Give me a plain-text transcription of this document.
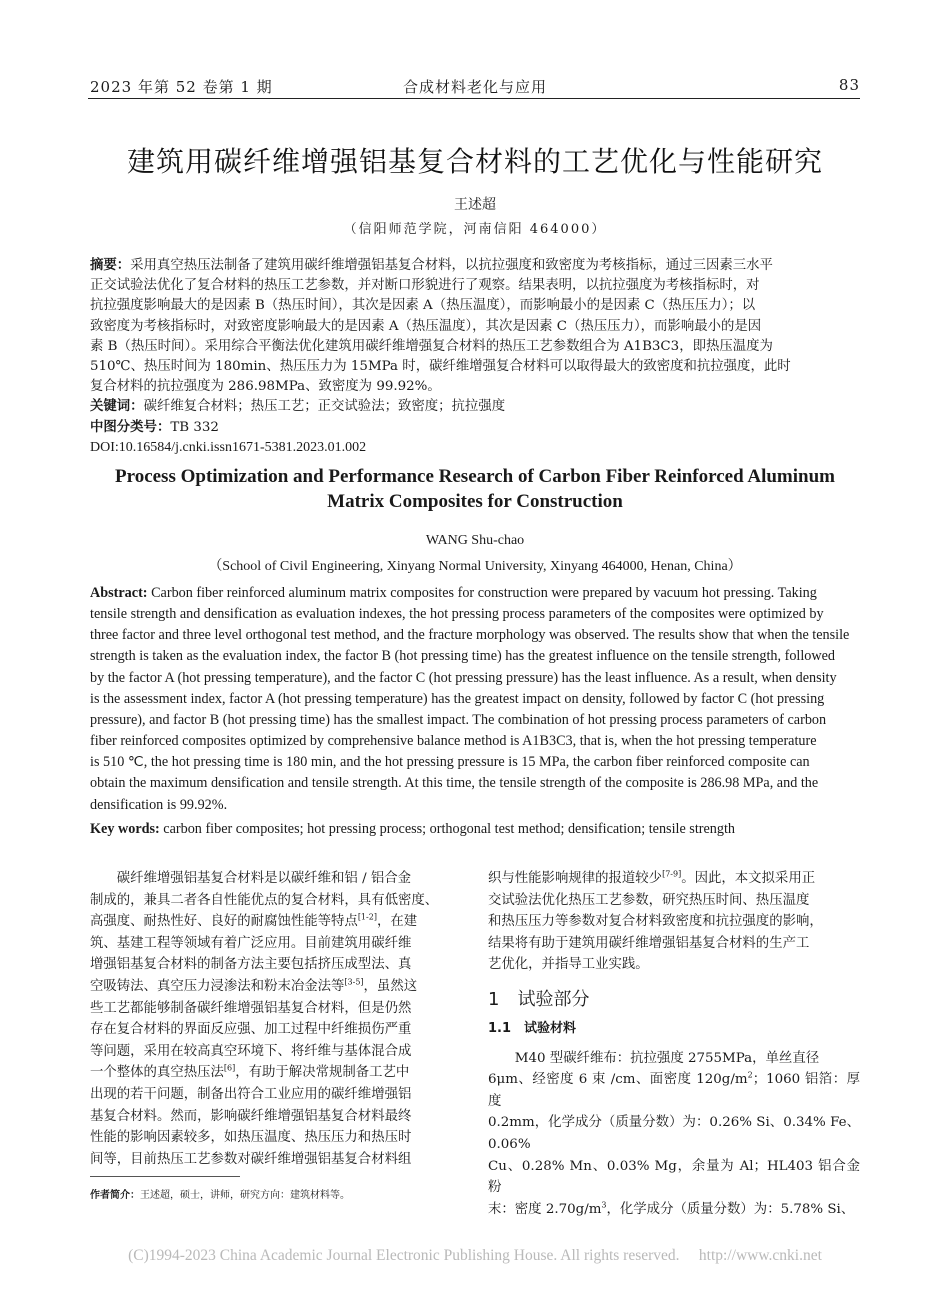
2023 年第 52 卷第 1 期	合成材料老化与应用	83
建筑用碳纤维增强铝基复合材料的工艺优化与性能研究
王述超
（信阳师范学院，河南信阳 464000）
摘要：采用真空热压法制备了建筑用碳纤维增强铝基复合材料，以抗拉强度和致密度为考核指标，通过三因素三水平
正交试验法优化了复合材料的热压工艺参数，并对断口形貌进行了观察。结果表明，以抗拉强度为考核指标时，对
抗拉强度影响最大的是因素 B（热压时间），其次是因素 A（热压温度），而影响最小的是因素 C（热压压力）；以
致密度为考核指标时，对致密度影响最大的是因素 A（热压温度），其次是因素 C（热压压力），而影响最小的是因
素 B（热压时间）。采用综合平衡法优化建筑用碳纤维增强复合材料的热压工艺参数组合为 A1B3C3，即热压温度为
510℃、热压时间为 180min、热压压力为 15MPa 时，碳纤维增强复合材料可以取得最大的致密度和抗拉强度，此时
复合材料的抗拉强度为 286.98MPa、致密度为 99.92%。
关键词：碳纤维复合材料；热压工艺；正交试验法；致密度；抗拉强度
中图分类号：TB 332
DOI:10.16584/j.cnki.issn1671-5381.2023.01.002
Process Optimization and Performance Research of Carbon Fiber Reinforced Aluminum
Matrix Composites for Construction
WANG Shu-chao
（School of Civil Engineering, Xinyang Normal University, Xinyang 464000, Henan, China）
Abstract: Carbon fiber reinforced aluminum matrix composites for construction were prepared by vacuum hot pressing. Taking
tensile strength and densification as evaluation indexes, the hot pressing process parameters of the composites were optimized by
three factor and three level orthogonal test method, and the fracture morphology was observed. The results show that when the tensile
strength is taken as the evaluation index, the factor B (hot pressing time) has the greatest influence on the tensile strength, followed
by the factor A (hot pressing temperature), and the factor C (hot pressing pressure) has the least influence. As a result, when density
is the assessment index, factor A (hot pressing temperature) has the greatest impact on density, followed by factor C (hot pressing
pressure), and factor B (hot pressing time) has the smallest impact. The combination of hot pressing process parameters of carbon
fiber reinforced composites optimized by comprehensive balance method is A1B3C3, that is, when the hot pressing temperature
is 510 ℃, the hot pressing time is 180 min, and the hot pressing pressure is 15 MPa, the carbon fiber reinforced composite can
obtain the maximum densification and tensile strength. At this time, the tensile strength of the composite is 286.98 MPa, and the
densification is 99.92%.
Key words: carbon fiber composites; hot pressing process; orthogonal test method; densification; tensile strength

碳纤维增强铝基复合材料是以碳纤维和铝 / 铝合金

制成的，兼具二者各自性能优点的复合材料，具有低密度、

高强度、耐热性好、良好的耐腐蚀性能等特点[1-2]，在建

筑、基建工程等领域有着广泛应用。目前建筑用碳纤维

增强铝基复合材料的制备方法主要包括挤压成型法、真

空吸铸法、真空压力浸渗法和粉末冶金法等[3-5]，虽然这

些工艺都能够制备碳纤维增强铝基复合材料，但是仍然

存在复合材料的界面反应强、加工过程中纤维损伤严重

等问题，采用在较高真空环境下、将纤维与基体混合成

一个整体的真空热压法[6]，有助于解决常规制备工艺中

出现的若干问题，制备出符合工业应用的碳纤维增强铝

基复合材料。然而，影响碳纤维增强铝基复合材料最终

性能的影响因素较多，如热压温度、热压压力和热压时

间等，目前热压工艺参数对碳纤维增强铝基复合材料组

织与性能影响规律的报道较少[7-9]。因此，本文拟采用正

交试验法优化热压工艺参数，研究热压时间、热压温度

和热压压力等参数对复合材料致密度和抗拉强度的影响，

结果将有助于建筑用碳纤维增强铝基复合材料的生产工

艺优化，并指导工业实践。

1　试验部分

1.1　试验材料

M40 型碳纤维布：抗拉强度 2755MPa，单丝直径

6μm、经密度 6 束 /cm、面密度 $120g/m^2$；1060 铝箔：厚度

0.2mm，化学成分（质量分数）为：0.26% Si、0.34% Fe、0.06%

Cu、0.28% Mn、0.03% Mg，余量为 Al；HL403 铝合金粉

末：密度 $2.70g/m^3$，化学成分（质量分数）为：5.78% Si、

作者简介：王述超，硕士，讲师，研究方向：建筑材料等。
(C)1994-2023 China Academic Journal Electronic Publishing House. All rights reserved.　 http://www.cnki.net
